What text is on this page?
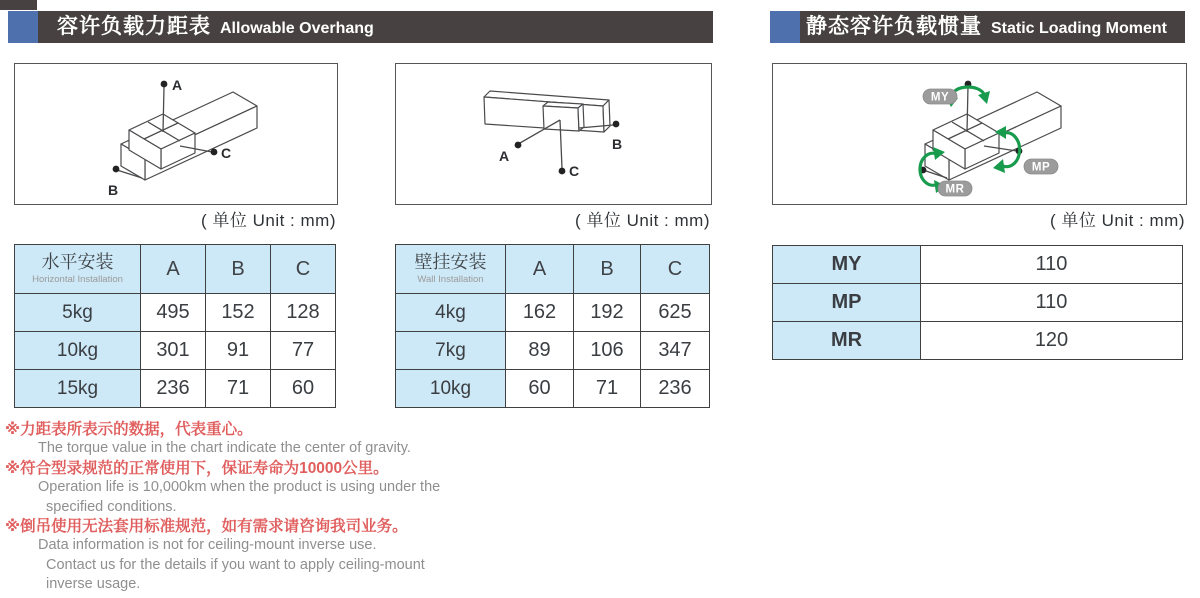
容许负载力距表 Allowable Overhang	静态容许负载惯量 Static Loading Moment
A
C
B
A
B
C
MY
MP
MR
( 单位 Unit : mm)	( 单位 Unit : mm)	( 单位 Unit : mm)
水平安装
Horizontal Installation	A	B	C
5kg	495	152	128
10kg	301	91	77
15kg	236	71	60
壁挂安装
Wall Installation	A	B	C
4kg	162	192	625
7kg	89	106	347
10kg	60	71	236
MY	110
MP	110
MR	120
※力距表所表示的数据，代表重心。
The torque value in the chart indicate the center of gravity.
※符合型录规范的正常使用下，保证寿命为10000公里。
Operation life is 10,000km when the product is using under the
specified conditions.
※倒吊使用无法套用标准规范，如有需求请咨询我司业务。
Data information is not for ceiling-mount inverse use.
Contact us for the details if you want to apply ceiling-mount
inverse usage.
